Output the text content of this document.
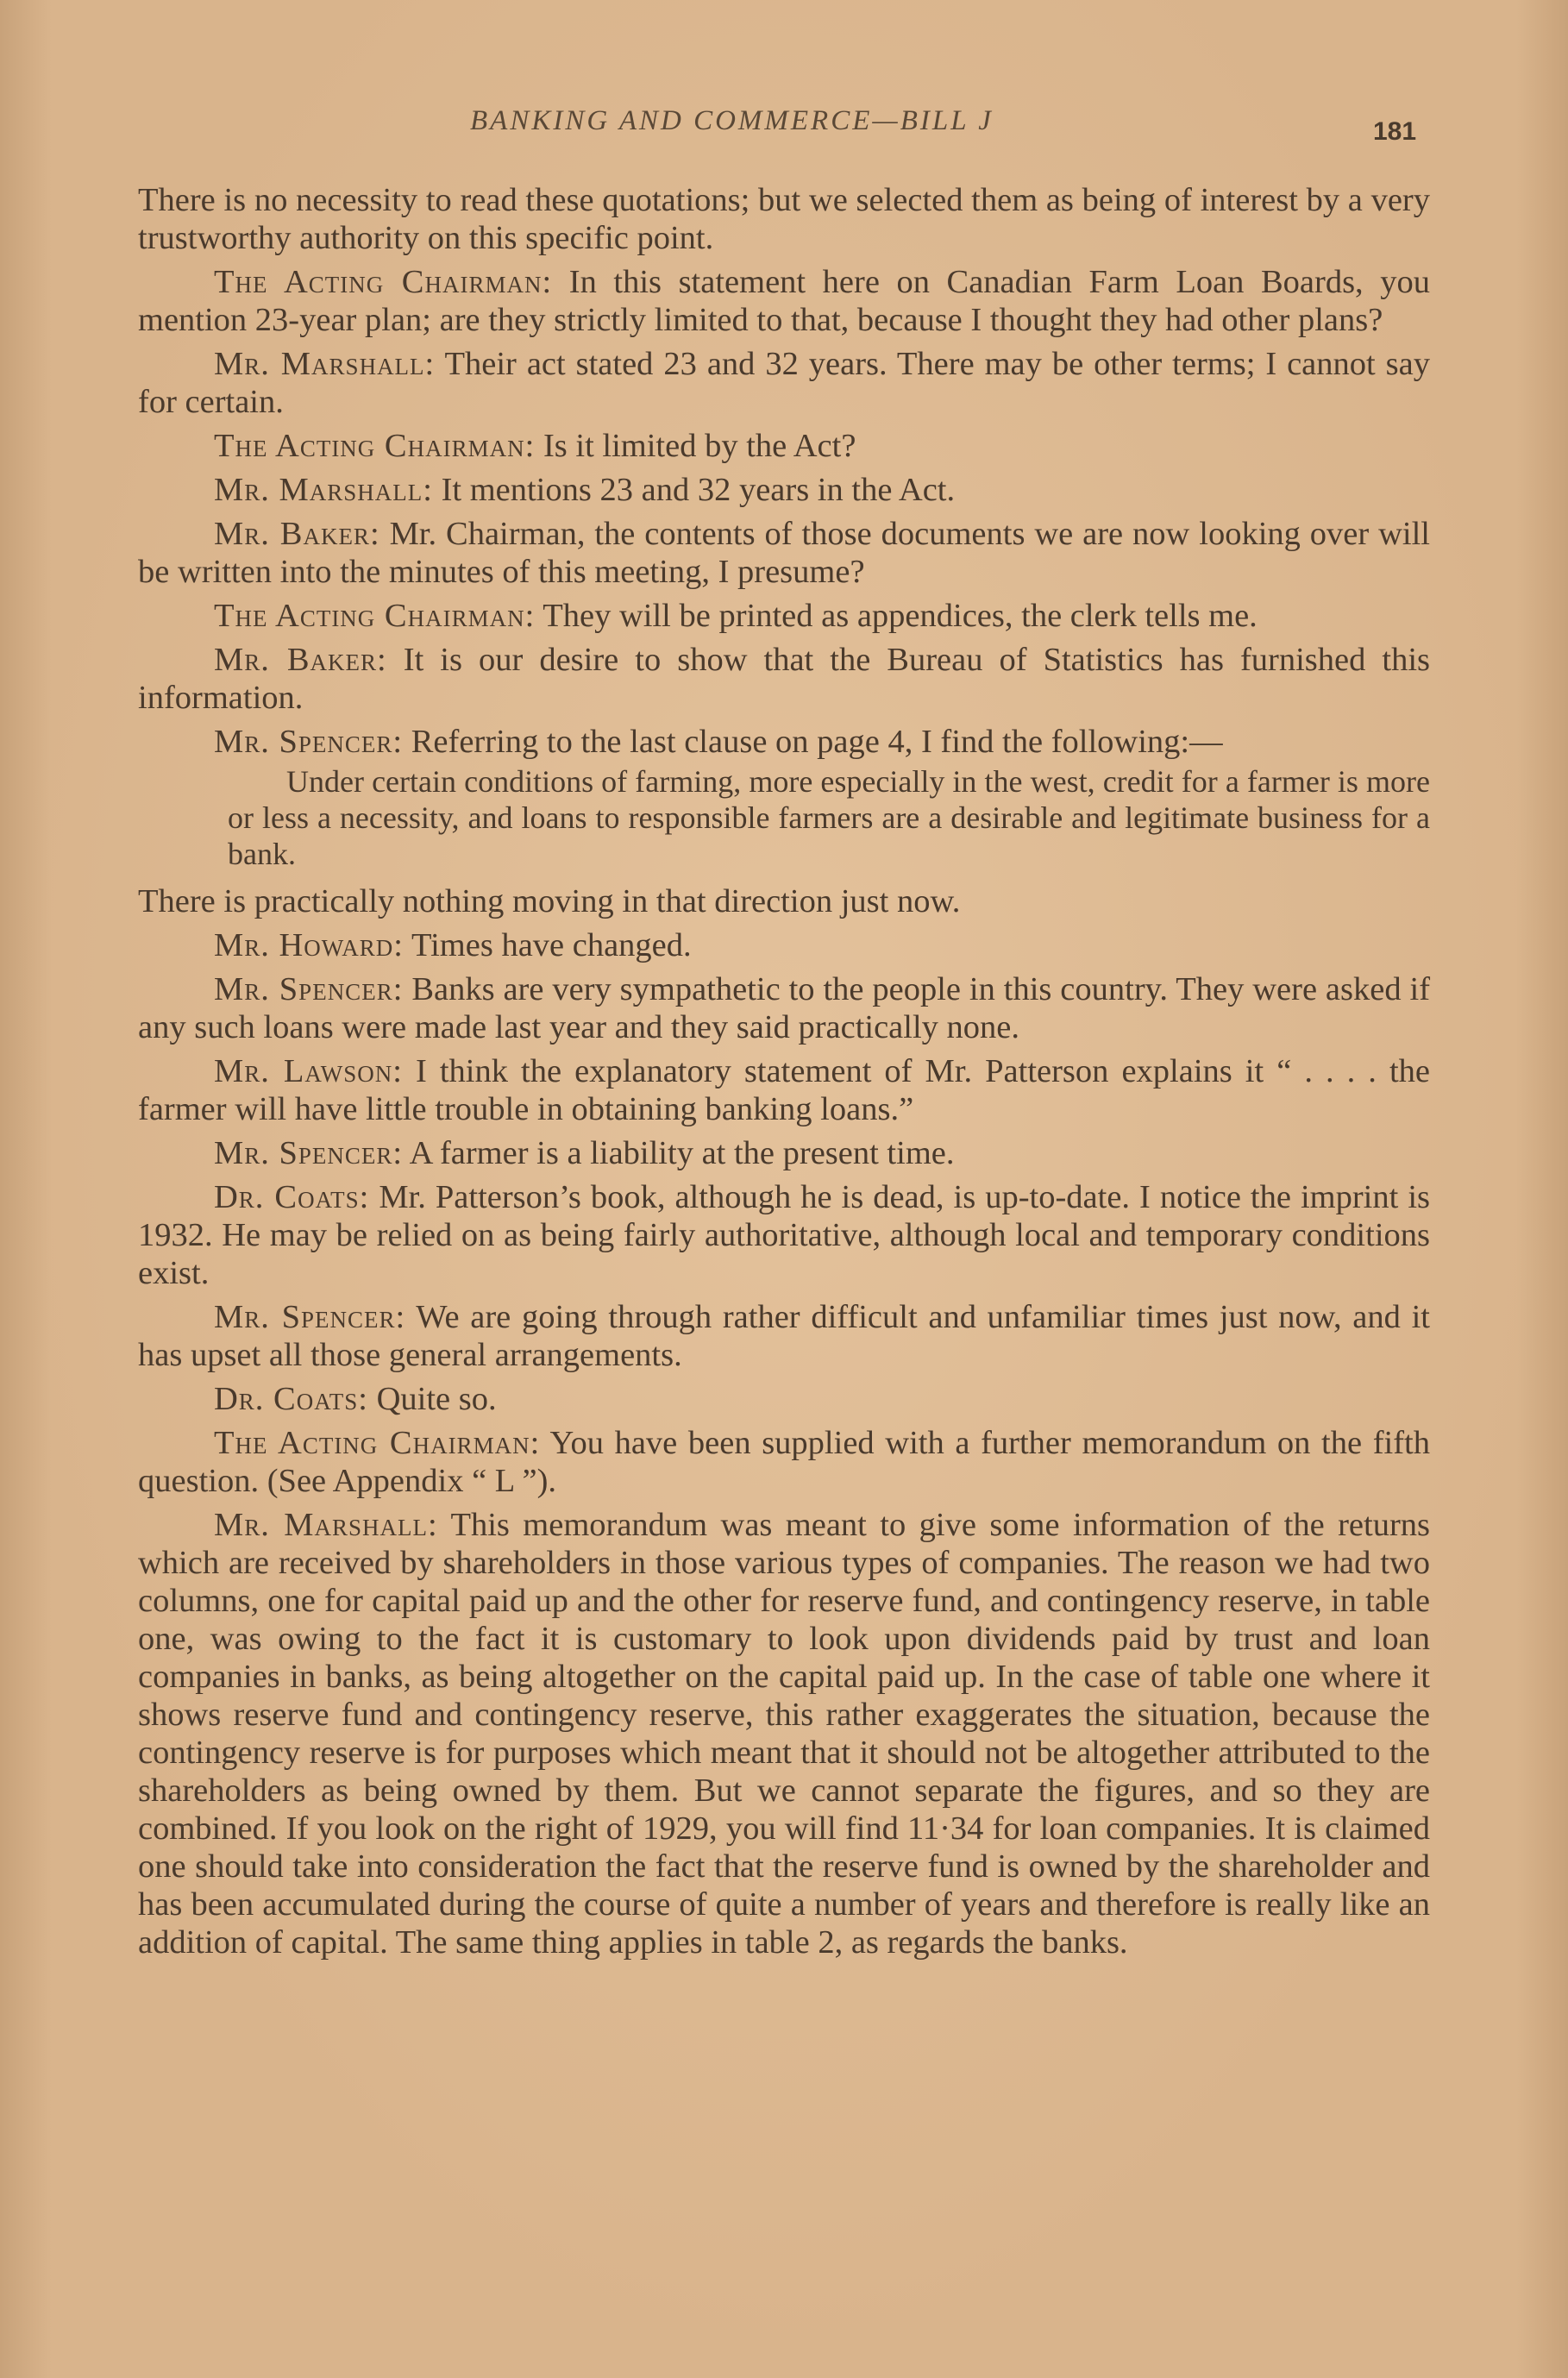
BANKING AND COMMERCE—BILL J	181

There is no necessity to read these quotations; but we selected them as being of interest by a very trustworthy authority on this specific point.

The Acting Chairman: In this statement here on Canadian Farm Loan Boards, you mention 23-year plan; are they strictly limited to that, because I thought they had other plans?

Mr. Marshall: Their act stated 23 and 32 years. There may be other terms; I cannot say for certain.

The Acting Chairman: Is it limited by the Act?

Mr. Marshall: It mentions 23 and 32 years in the Act.

Mr. Baker: Mr. Chairman, the contents of those documents we are now looking over will be written into the minutes of this meeting, I presume?

The Acting Chairman: They will be printed as appendices, the clerk tells me.

Mr. Baker: It is our desire to show that the Bureau of Statistics has furnished this information.

Mr. Spencer: Referring to the last clause on page 4, I find the following:—

Under certain conditions of farming, more especially in the west, credit for a farmer is more or less a necessity, and loans to responsible farmers are a desirable and legitimate business for a bank.

There is practically nothing moving in that direction just now.

Mr. Howard: Times have changed.

Mr. Spencer: Banks are very sympathetic to the people in this country. They were asked if any such loans were made last year and they said practically none.

Mr. Lawson: I think the explanatory statement of Mr. Patterson explains it “ . . . . the farmer will have little trouble in obtaining banking loans.”

Mr. Spencer: A farmer is a liability at the present time.

Dr. Coats: Mr. Patterson’s book, although he is dead, is up-to-date. I notice the imprint is 1932. He may be relied on as being fairly authoritative, although local and temporary conditions exist.

Mr. Spencer: We are going through rather difficult and unfamiliar times just now, and it has upset all those general arrangements.

Dr. Coats: Quite so.

The Acting Chairman: You have been supplied with a further memorandum on the fifth question. (See Appendix “ L ”).

Mr. Marshall: This memorandum was meant to give some information of the returns which are received by shareholders in those various types of companies. The reason we had two columns, one for capital paid up and the other for reserve fund, and contingency reserve, in table one, was owing to the fact it is customary to look upon dividends paid by trust and loan companies in banks, as being altogether on the capital paid up. In the case of table one where it shows reserve fund and contingency reserve, this rather exaggerates the situation, because the contingency reserve is for purposes which meant that it should not be altogether attributed to the shareholders as being owned by them. But we cannot separate the figures, and so they are combined. If you look on the right of 1929, you will find 11·34 for loan companies. It is claimed one should take into consideration the fact that the reserve fund is owned by the shareholder and has been accumulated during the course of quite a number of years and therefore is really like an addition of capital. The same thing applies in table 2, as regards the banks.
